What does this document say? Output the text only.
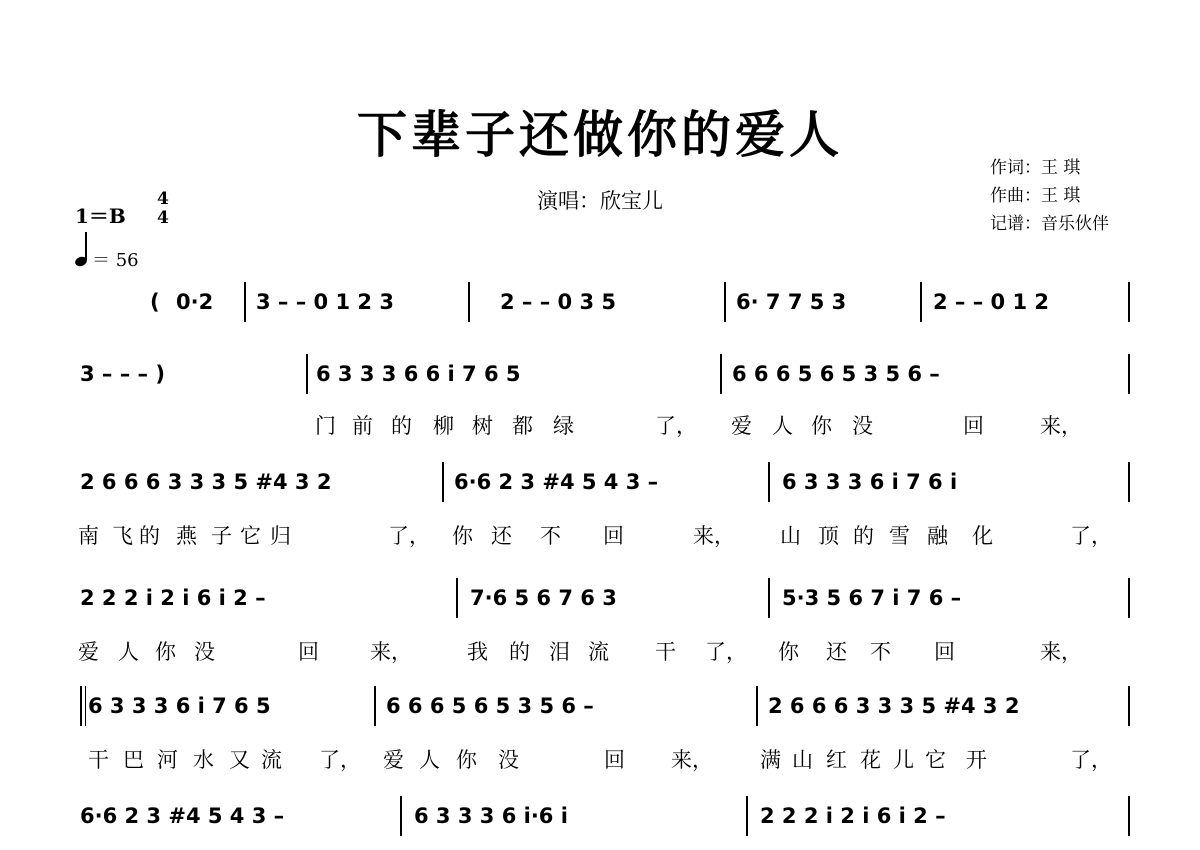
下辈子还做你的爱人
演唱：欣宝儿
作词：王 琪
作曲：王 琪
记谱：音乐伙伴
1＝B
4
4
＝ 56
( 0·2 3 – – 0 1 2 3	2 – – 0 3 5	6· 7 7 5 3	2 – – 0 1 2
3 – – – )	6 3 3 3 6 6 i 7 6 5	6 6 6 5 6 5 3 5 6 –
门 前 的 柳 树 都 绿	了， 爱 人 你 没	回	来，
2 6 6 6 3 3 3 5 #4 3 2	6·6 2 3 #4 5 4 3 –	6 3 3 3 6 i 7 6 i
南 飞 的 燕 子 它 归	了， 你 还 不 回	来， 山 顶 的 雪 融 化	了，
2 2 2 i 2 i 6 i 2 –	7·6 5 6 7 6 3	5·3 5 6 7 i 7 6 –
爱 人 你 没	回 来，	我 的 泪 流 干 了， 你 还 不 回	来，
6 3 3 3 6 i 7 6 5	6 6 6 5 6 5 3 5 6 –	2 6 6 6 3 3 3 5 #4 3 2
干 巴 河 水 又 流 了， 爱 人 你 没	回 来， 满 山 红 花 儿 它 开	了，
6·6 2 3 #4 5 4 3 –	6 3 3 3 6 i·6 i	2 2 2 i 2 i 6 i 2 –
